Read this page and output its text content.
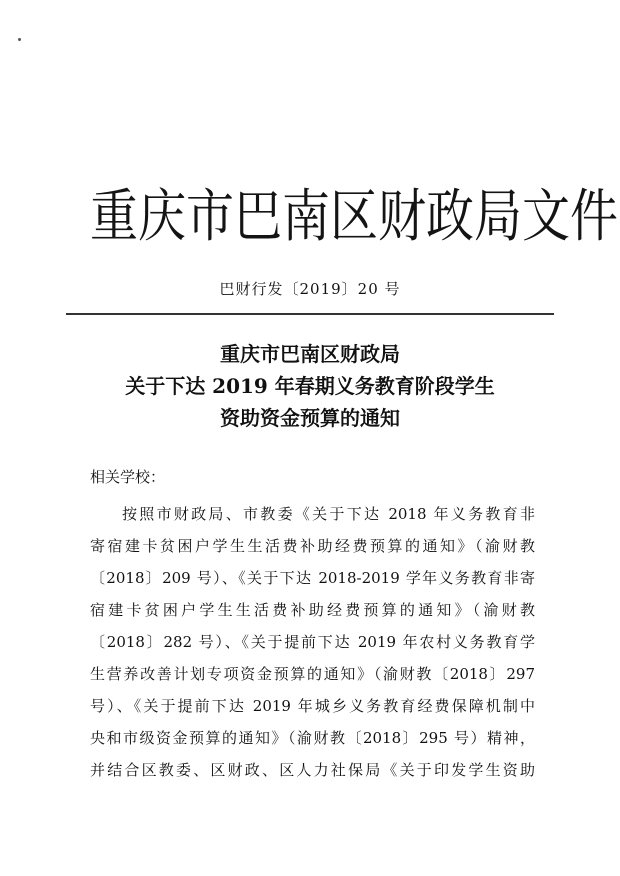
重庆市巴南区财政局文件
巴财行发〔2019〕20 号
重庆市巴南区财政局
关于下达 2019 年春期义务教育阶段学生
资助资金预算的通知
相关学校：
按照市财政局、市教委《关于下达 2018 年义务教育非
寄宿建卡贫困户学生生活费补助经费预算的通知》（渝财教
〔2018〕209 号）、《关于下达 2018-2019 学年义务教育非寄
宿建卡贫困户学生生活费补助经费预算的通知》（渝财教
〔2018〕282 号）、《关于提前下达 2019 年农村义务教育学
生营养改善计划专项资金预算的通知》（渝财教〔2018〕297
号）、《关于提前下达 2019 年城乡义务教育经费保障机制中
央和市级资金预算的通知》（渝财教〔2018〕295 号）精神，
并结合区教委、区财政、区人力社保局《关于印发学生资助
